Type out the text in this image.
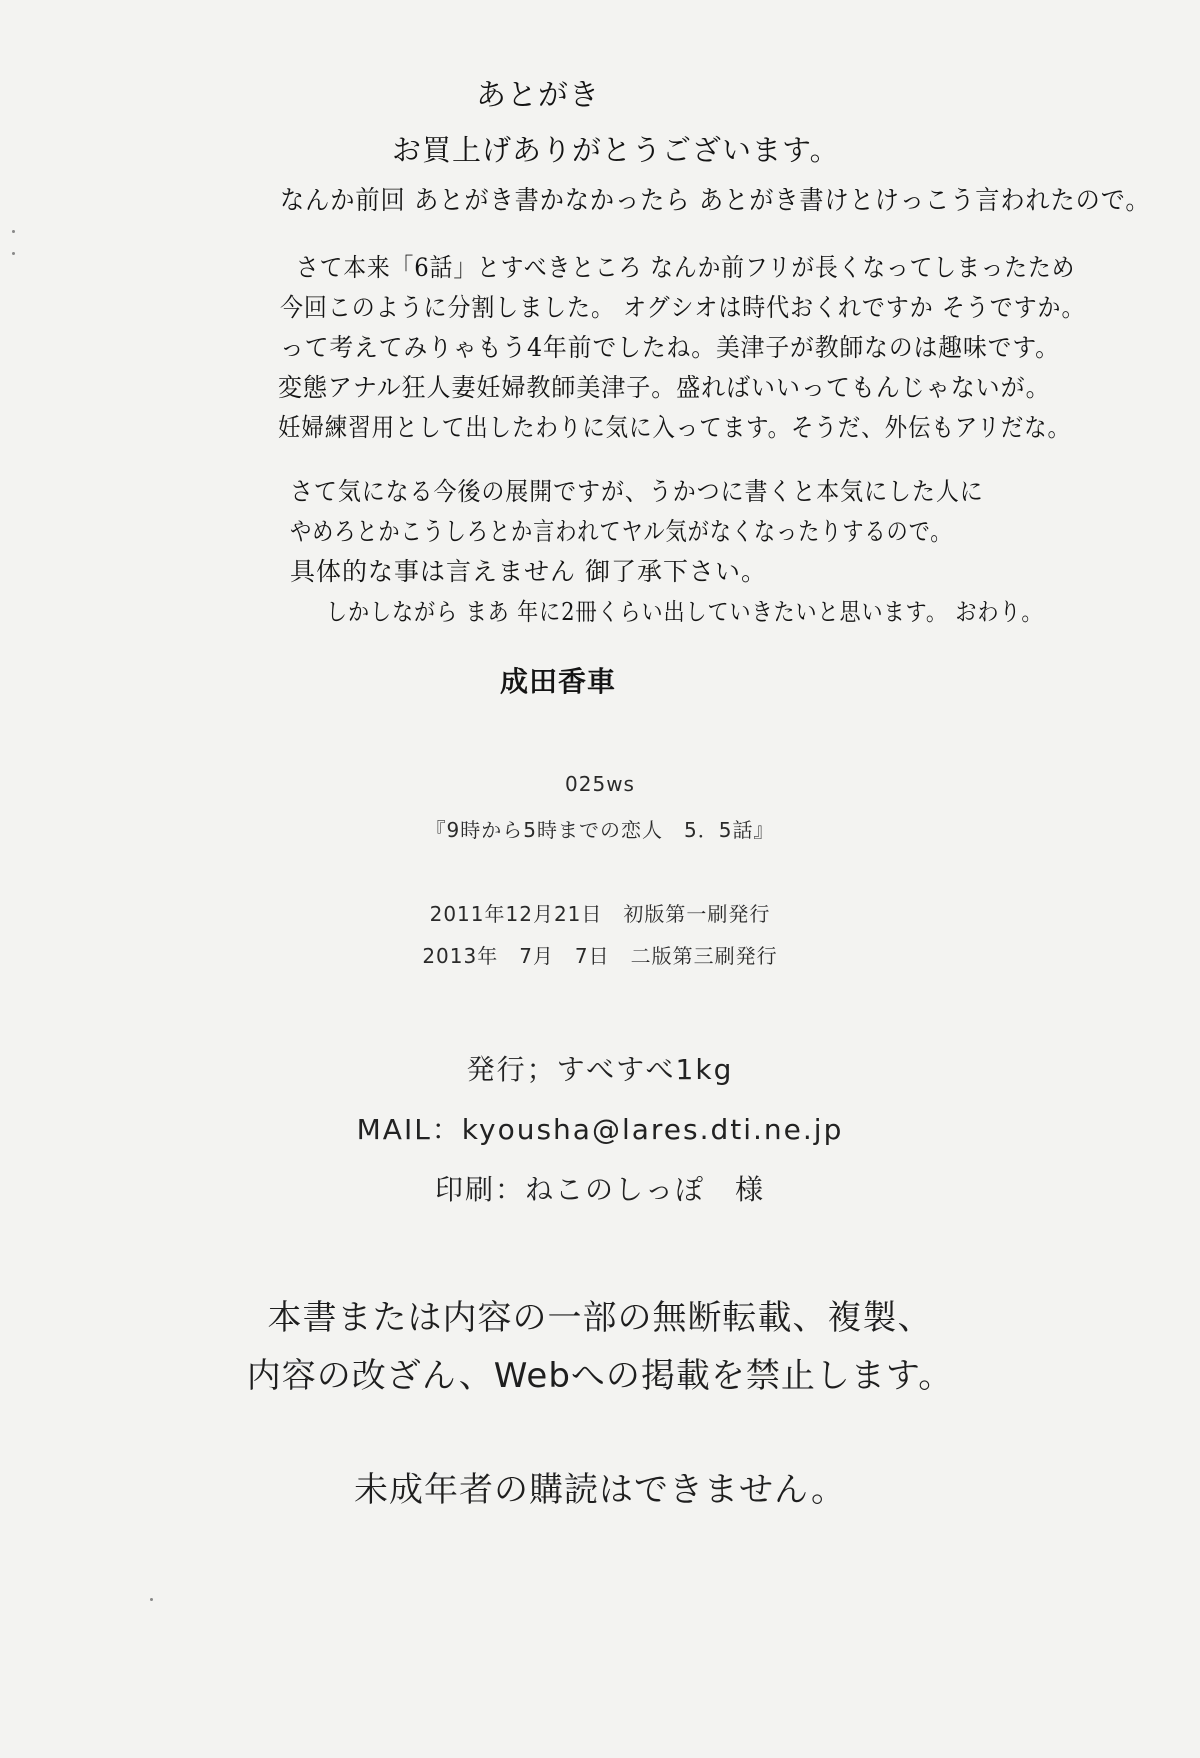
あとがき
お買上げありがとうございます。
なんか前回 あとがき書かなかったら あとがき書けとけっこう言われたので。
さて本来「6話」とすべきところ なんか前フリが長くなってしまったため
今回このように分割しました。 オグシオは時代おくれですか そうですか。
って考えてみりゃもう4年前でしたね。美津子が教師なのは趣味です。
変態アナル狂人妻妊婦教師美津子。盛ればいいってもんじゃないが。
妊婦練習用として出したわりに気に入ってます。そうだ、外伝もアリだな。
さて気になる今後の展開ですが、うかつに書くと本気にした人に
やめろとかこうしろとか言われてヤル気がなくなったりするので。
具体的な事は言えません 御了承下さい。
しかしながら まあ 年に2冊くらい出していきたいと思います。 おわり。
成田香車
025ws
『9時から5時までの恋人　5．5話』
2011年12月21日　初版第一刷発行
2013年　7月　7日　二版第三刷発行
発行；すべすべ1kg
MAIL：kyousha@lares.dti.ne.jp
印刷：ねこのしっぽ　様
本書または内容の一部の無断転載、複製、
内容の改ざん、Webへの掲載を禁止します。
未成年者の購読はできません。
